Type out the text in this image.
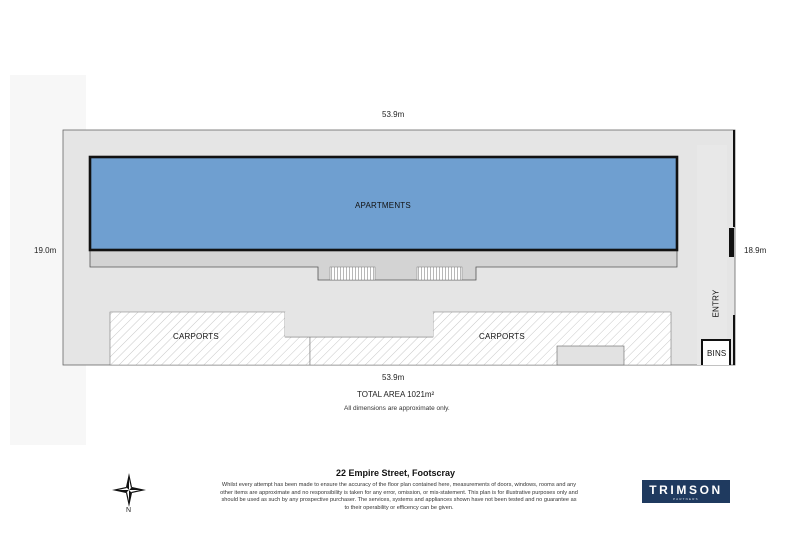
53.9m
53.9m
19.0m	18.9m
APARTMENTS
CARPORTS	CARPORTS
BINS
ENTRY
TOTAL AREA 1021m²
All dimensions are approximate only.
N
22 Empire Street, Footscray
Whilst every attempt has been made to ensure the accuracy of the floor plan contained here, measurements of doors, windows, rooms and any other items are approximate and no responsibility is taken for any error, omission, or mis-statement. This plan is for illustrative purposes only and should be used as such by any prospective purchaser. The services, systems and appliances shown have not been tested and no guarantee as to their operability or efficency can be given.
TRIMSON
PARTNERS
